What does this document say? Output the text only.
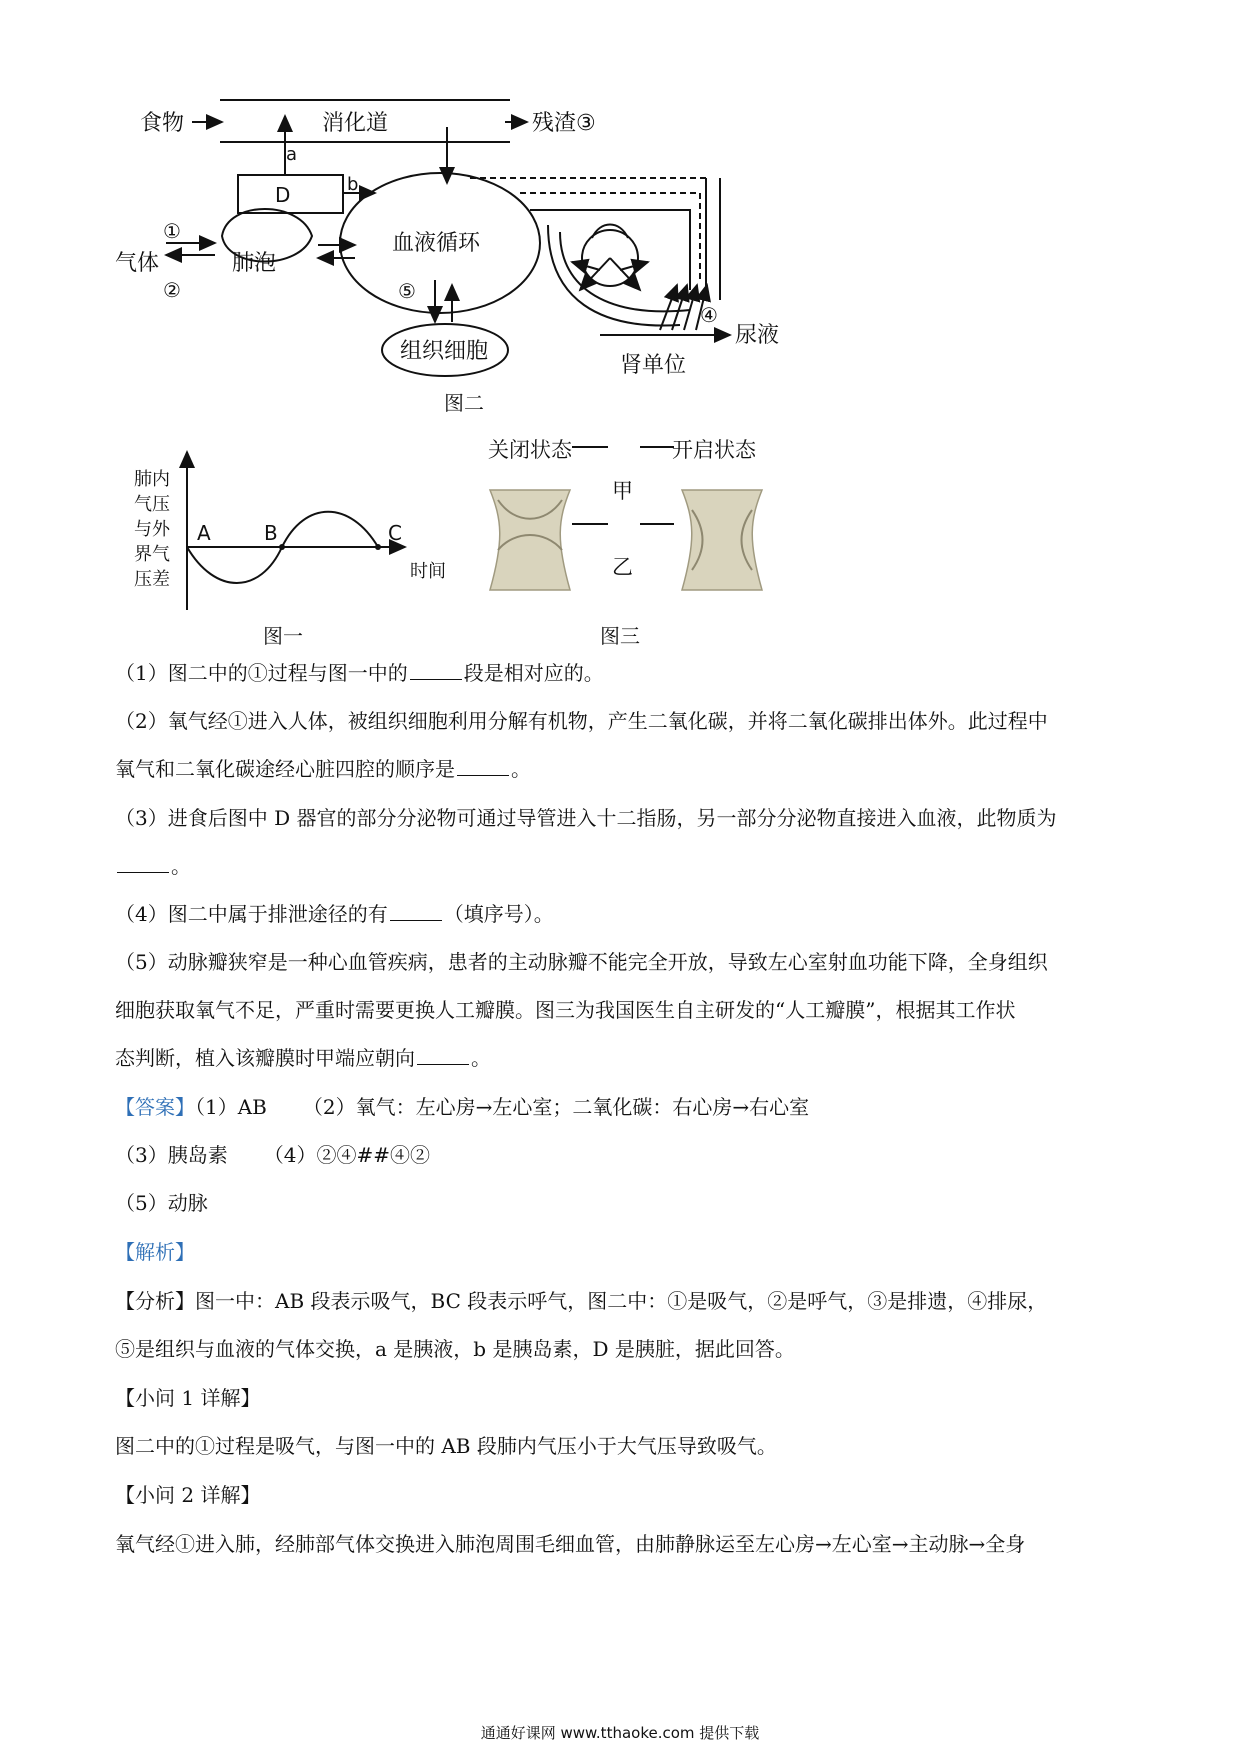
食物	消化道	残渣③
a
b
D
①
②
气体	肺泡
血液循环
⑤
组织细胞
④
尿液
肾单位
图二
肺内
气压
与外
界气
压差
A	B	C
时间
图一
关闭状态	开启状态
甲
乙
图三
（1）图二中的①过程与图一中的	段是相对应的。
（2）氧气经①进入人体，被组织细胞利用分解有机物，产生二氧化碳，并将二氧化碳排出体外。此过程中
氧气和二氧化碳途经心脏四腔的顺序是	。
（3）进食后图中 D 器官的部分分泌物可通过导管进入十二指肠，另一部分分泌物直接进入血液，此物质为
。
（4）图二中属于排泄途径的有	（填序号）。
（5）动脉瓣狭窄是一种心血管疾病，患者的主动脉瓣不能完全开放，导致左心室射血功能下降，全身组织
细胞获取氧气不足，严重时需要更换人工瓣膜。图三为我国医生自主研发的“人工瓣膜”，根据其工作状
态判断，植入该瓣膜时甲端应朝向	。
【答案】（1）AB （2）氧气：左心房→左心室；二氧化碳：右心房→右心室
（3）胰岛素 （4）②④##④②
（5）动脉
【解析】
【分析】图一中：AB 段表示吸气，BC 段表示呼气，图二中：①是吸气，②是呼气，③是排遗，④排尿，
⑤是组织与血液的气体交换，a 是胰液，b 是胰岛素，D 是胰脏，据此回答。
【小问 1 详解】
图二中的①过程是吸气，与图一中的 AB 段肺内气压小于大气压导致吸气。
【小问 2 详解】
氧气经①进入肺，经肺部气体交换进入肺泡周围毛细血管，由肺静脉运至左心房→左心室→主动脉→全身
通通好课网 www.tthaoke.com 提供下载
